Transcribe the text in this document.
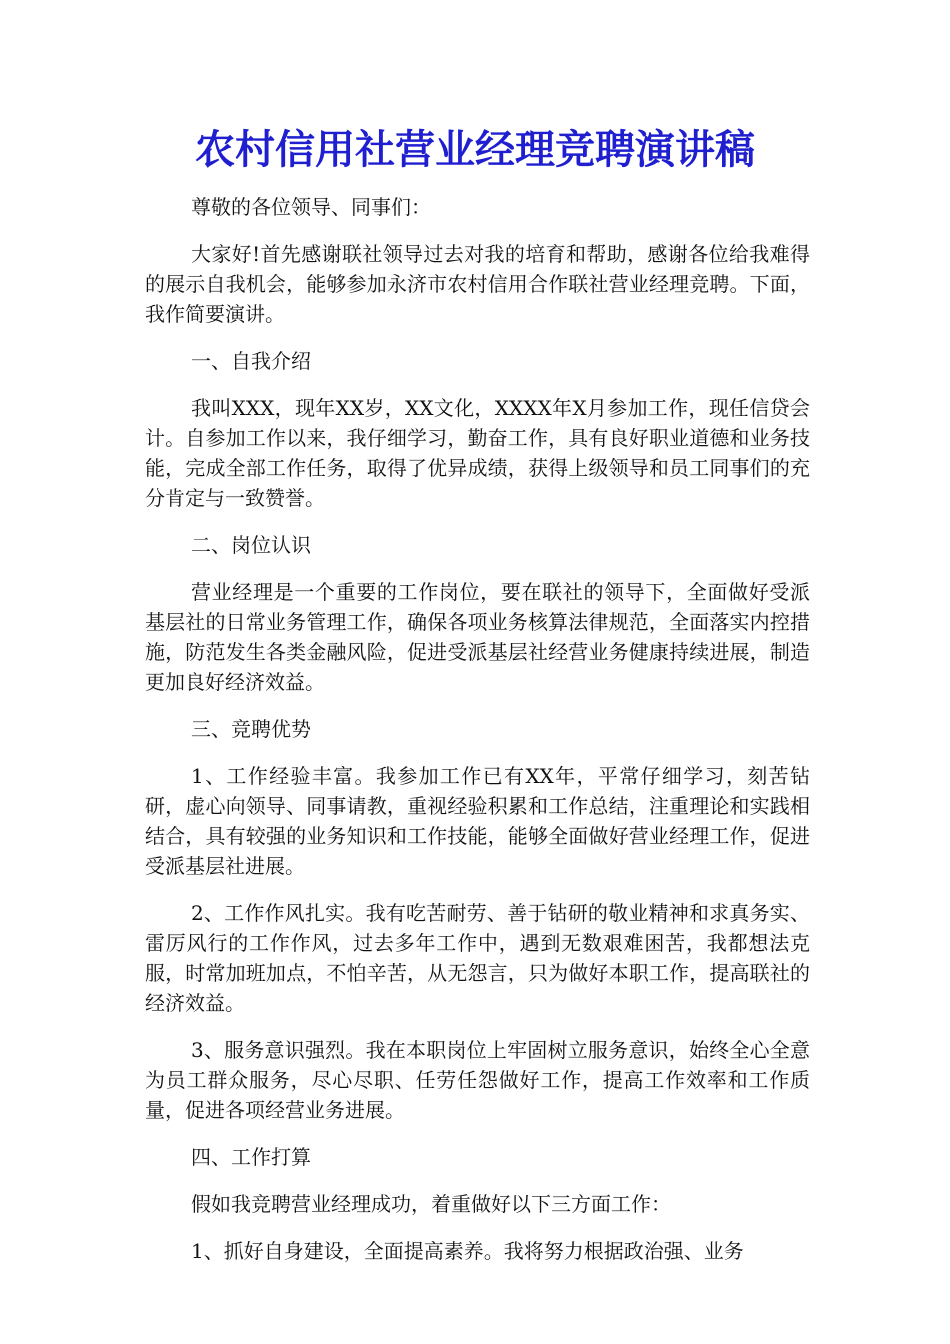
农村信用社营业经理竞聘演讲稿

尊敬的各位领导、同事们：

大家好!首先感谢联社领导过去对我的培育和帮助，感谢各位给我难得的展示自我机会，能够参加永济市农村信用合作联社营业经理竞聘。下面，我作简要演讲。

一、自我介绍

我叫XXX，现年XX岁，XX文化，XXXX年X月参加工作，现任信贷会计。自参加工作以来，我仔细学习，勤奋工作，具有良好职业道德和业务技能，完成全部工作任务，取得了优异成绩，获得上级领导和员工同事们的充分肯定与一致赞誉。

二、岗位认识

营业经理是一个重要的工作岗位，要在联社的领导下，全面做好受派基层社的日常业务管理工作，确保各项业务核算法律规范，全面落实内控措施，防范发生各类金融风险，促进受派基层社经营业务健康持续进展，制造更加良好经济效益。

三、竞聘优势

1、工作经验丰富。我参加工作已有XX年，平常仔细学习，刻苦钻研，虚心向领导、同事请教，重视经验积累和工作总结，注重理论和实践相结合，具有较强的业务知识和工作技能，能够全面做好营业经理工作，促进受派基层社进展。

2、工作作风扎实。我有吃苦耐劳、善于钻研的敬业精神和求真务实、雷厉风行的工作作风，过去多年工作中，遇到无数艰难困苦，我都想法克服，时常加班加点，不怕辛苦，从无怨言，只为做好本职工作，提高联社的经济效益。

3、服务意识强烈。我在本职岗位上牢固树立服务意识，始终全心全意为员工群众服务，尽心尽职、任劳任怨做好工作，提高工作效率和工作质量，促进各项经营业务进展。

四、工作打算

假如我竞聘营业经理成功，着重做好以下三方面工作：

1、抓好自身建设，全面提高素养。我将努力根据政治强、业务
